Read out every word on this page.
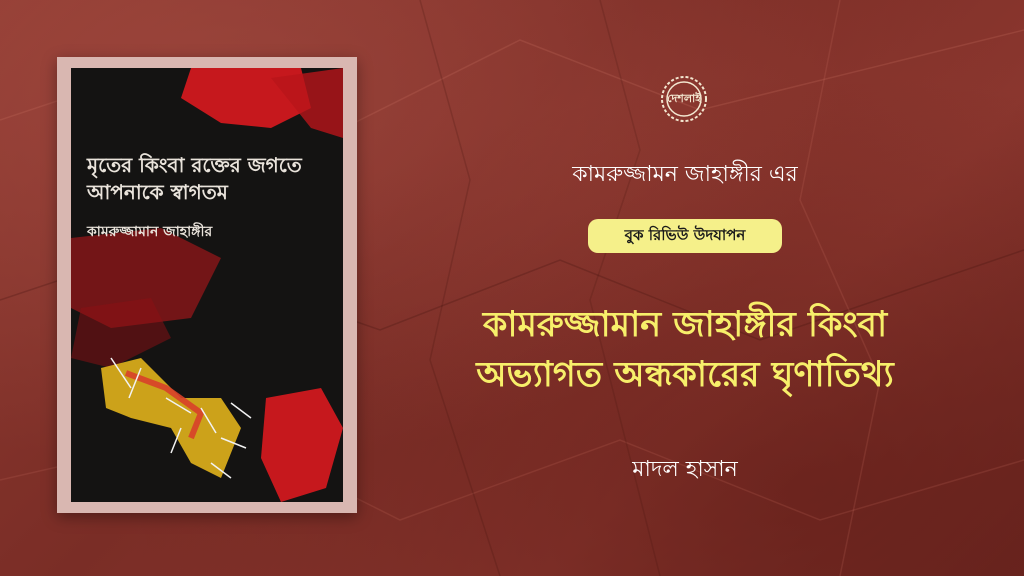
মৃতের কিংবা রক্তের জগতে
আপনাকে স্বাগতম
কামরুজ্জামান জাহাঙ্গীর
দেশলাই
কামরুজ্জামন জাহাঙ্গীর এর
বুক রিভিউ উদযাপন
কামরুজ্জামান জাহাঙ্গীর কিংবা
অভ্যাগত অন্ধকারের ঘৃণাতিথ্য
মাদল হাসান
